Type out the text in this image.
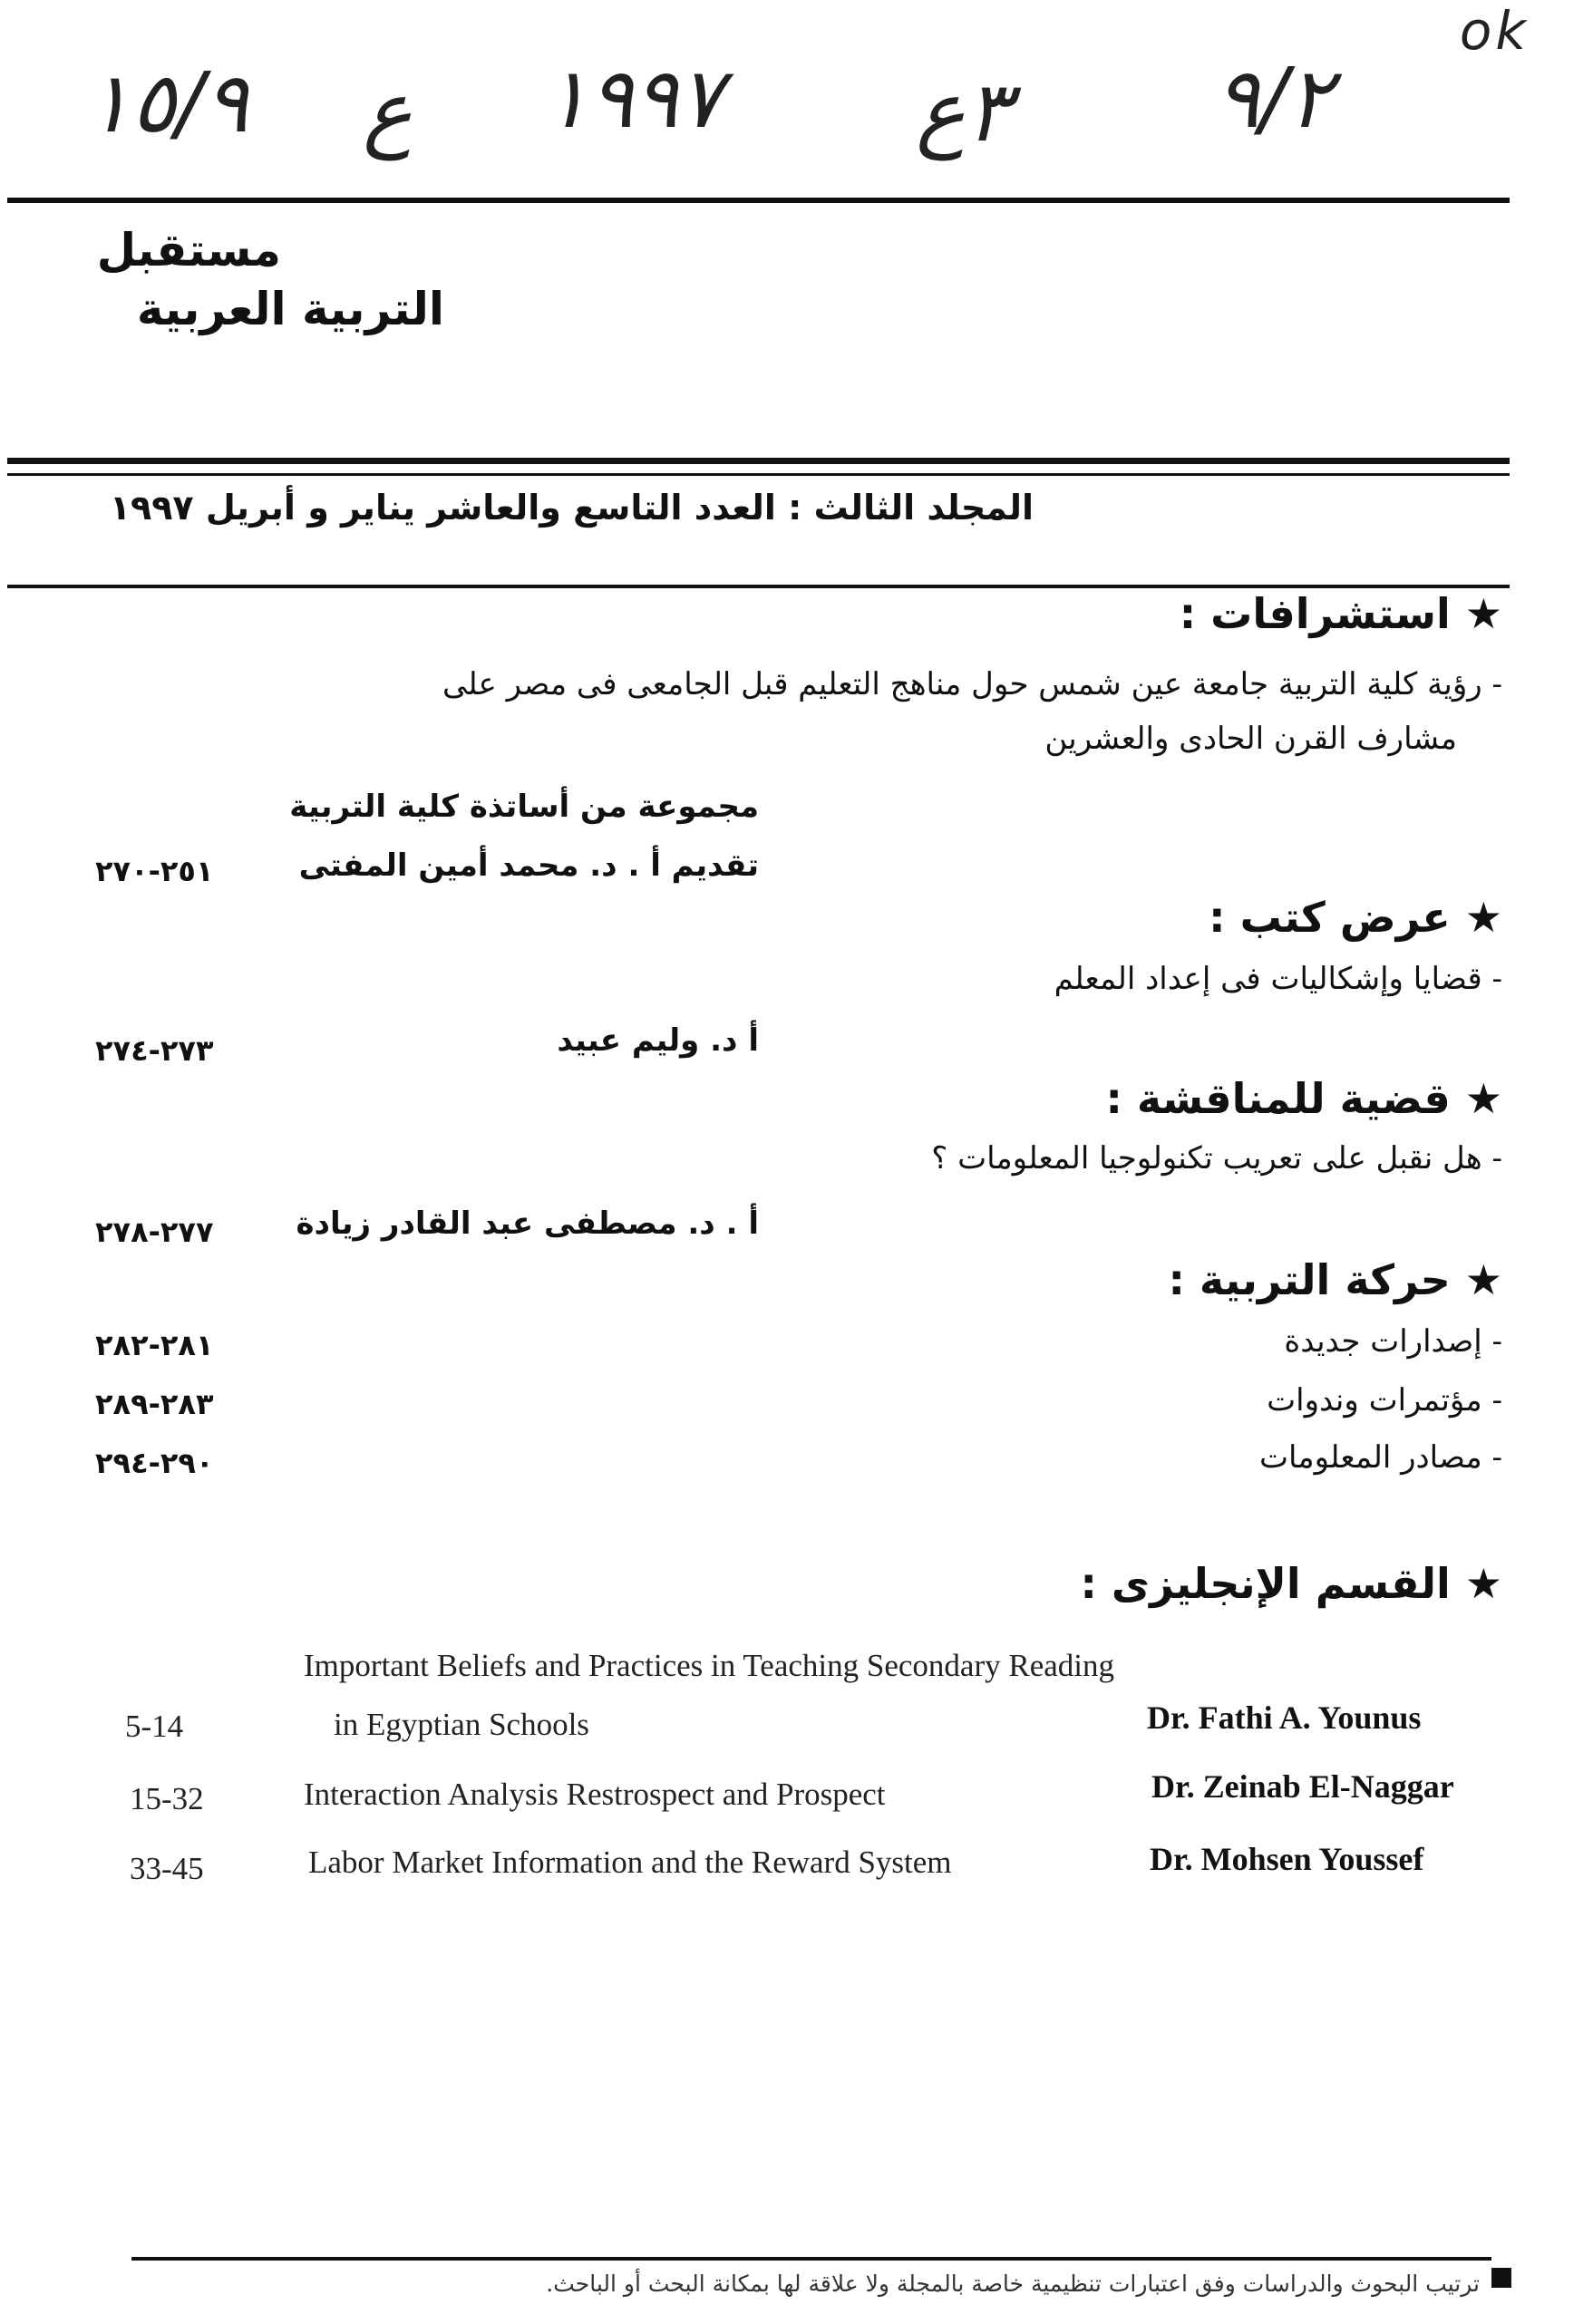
ok
١٥/٩ ع ١٩٩٧ ٣ع ٩/٢
مستقبل
التربية العربية
المجلد الثالث : العدد التاسع والعاشر يناير و أبريل ١٩٩٧
★ استشرافات :
- رؤية كلية التربية جامعة عين شمس حول مناهج التعليم قبل الجامعى فى مصر على
مشارف القرن الحادى والعشرين
مجموعة من أساتذة كلية التربية
تقديم أ . د. محمد أمين المفتى
٢٥١-٢٧٠
★ عرض كتب :
- قضايا وإشكاليات فى إعداد المعلم
أ د. وليم عبيد
٢٧٣-٢٧٤
★ قضية للمناقشة :
- هل نقبل على تعريب تكنولوجيا المعلومات ؟
أ . د. مصطفى عبد القادر زيادة
٢٧٧-٢٧٨
★ حركة التربية :
- إصدارات جديدة
٢٨١-٢٨٢
- مؤتمرات وندوات
٢٨٣-٢٨٩
- مصادر المعلومات
٢٩٠-٢٩٤
★ القسم الإنجليزى :
Important Beliefs and Practices in Teaching Secondary Reading
5-14	in Egyptian Schools	Dr. Fathi A. Younus
15-32	Interaction Analysis Restrospect and Prospect	Dr. Zeinab El-Naggar
33-45	Labor Market Information and the Reward System	Dr. Mohsen Youssef
ترتيب البحوث والدراسات وفق اعتبارات تنظيمية خاصة بالمجلة ولا علاقة لها بمكانة البحث أو الباحث.
